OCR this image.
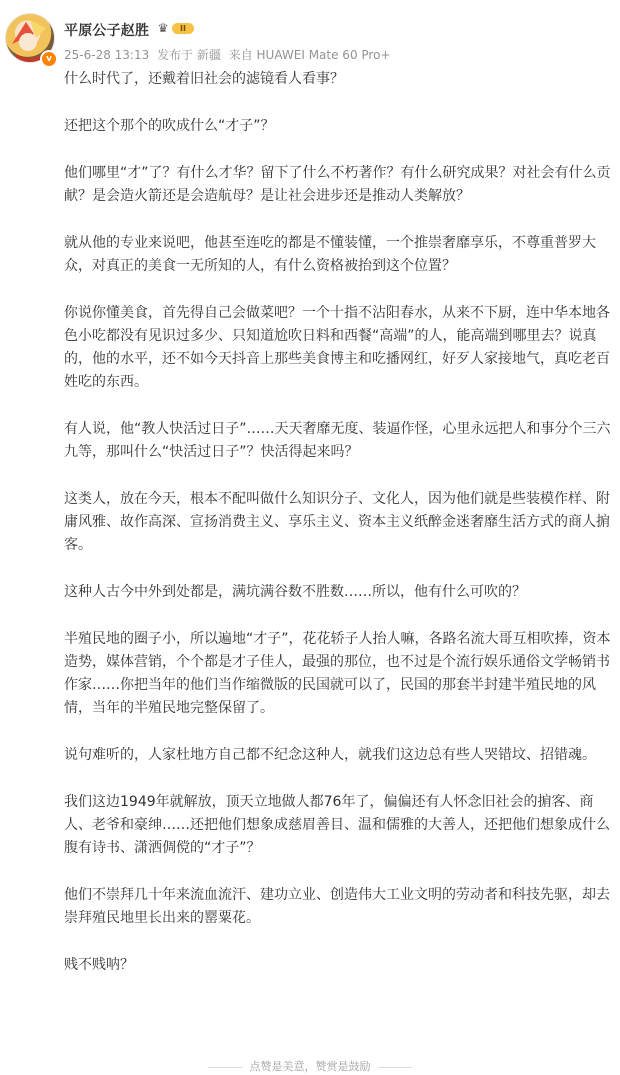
v
平原公子赵胜 ♛	II
25-6-28 13:13 发布于 新疆 来自 HUAWEI Mate 60 Pro+

什么时代了，还戴着旧社会的滤镜看人看事？

还把这个那个的吹成什么“才子”？

他们哪里“才”了？有什么才华？留下了什么不朽著作？有什么研究成果？对社会有什么贡献？是会造火箭还是会造航母？是让社会进步还是推动人类解放？

就从他的专业来说吧，他甚至连吃的都是不懂装懂，一个推崇奢靡享乐，不尊重普罗大众，对真正的美食一无所知的人，有什么资格被抬到这个位置？

你说你懂美食，首先得自己会做菜吧？一个十指不沾阳春水，从来不下厨，连中华本地各色小吃都没有见识过多少、只知道尬吹日料和西餐“高端”的人，能高端到哪里去？说真的，他的水平，还不如今天抖音上那些美食博主和吃播网红，好歹人家接地气，真吃老百姓吃的东西。

有人说，他“教人快活过日子”……天天奢靡无度、装逼作怪，心里永远把人和事分个三六九等，那叫什么“快活过日子”？快活得起来吗？

这类人，放在今天，根本不配叫做什么知识分子、文化人，因为他们就是些装模作样、附庸风雅、故作高深、宣扬消费主义、享乐主义、资本主义纸醉金迷奢靡生活方式的商人掮客。

这种人古今中外到处都是，满坑满谷数不胜数……所以，他有什么可吹的？

半殖民地的圈子小，所以遍地“才子”，花花轿子人抬人嘛，各路名流大哥互相吹捧，资本造势，媒体营销，个个都是才子佳人，最强的那位，也不过是个流行娱乐通俗文学畅销书作家……你把当年的他们当作缩微版的民国就可以了，民国的那套半封建半殖民地的风情，当年的半殖民地完整保留了。

说句难听的，人家杜地方自己都不纪念这种人，就我们这边总有些人哭错坟、招错魂。

我们这边1949年就解放，顶天立地做人都76年了，偏偏还有人怀念旧社会的掮客、商人、老爷和豪绅……还把他们想象成慈眉善目、温和儒雅的大善人，还把他们想象成什么腹有诗书、潇洒倜傥的“才子”？

他们不崇拜几十年来流血流汗、建功立业、创造伟大工业文明的劳动者和科技先驱，却去崇拜殖民地里长出来的罂粟花。

贱不贱呐？

点赞是美意，赞赏是鼓励
